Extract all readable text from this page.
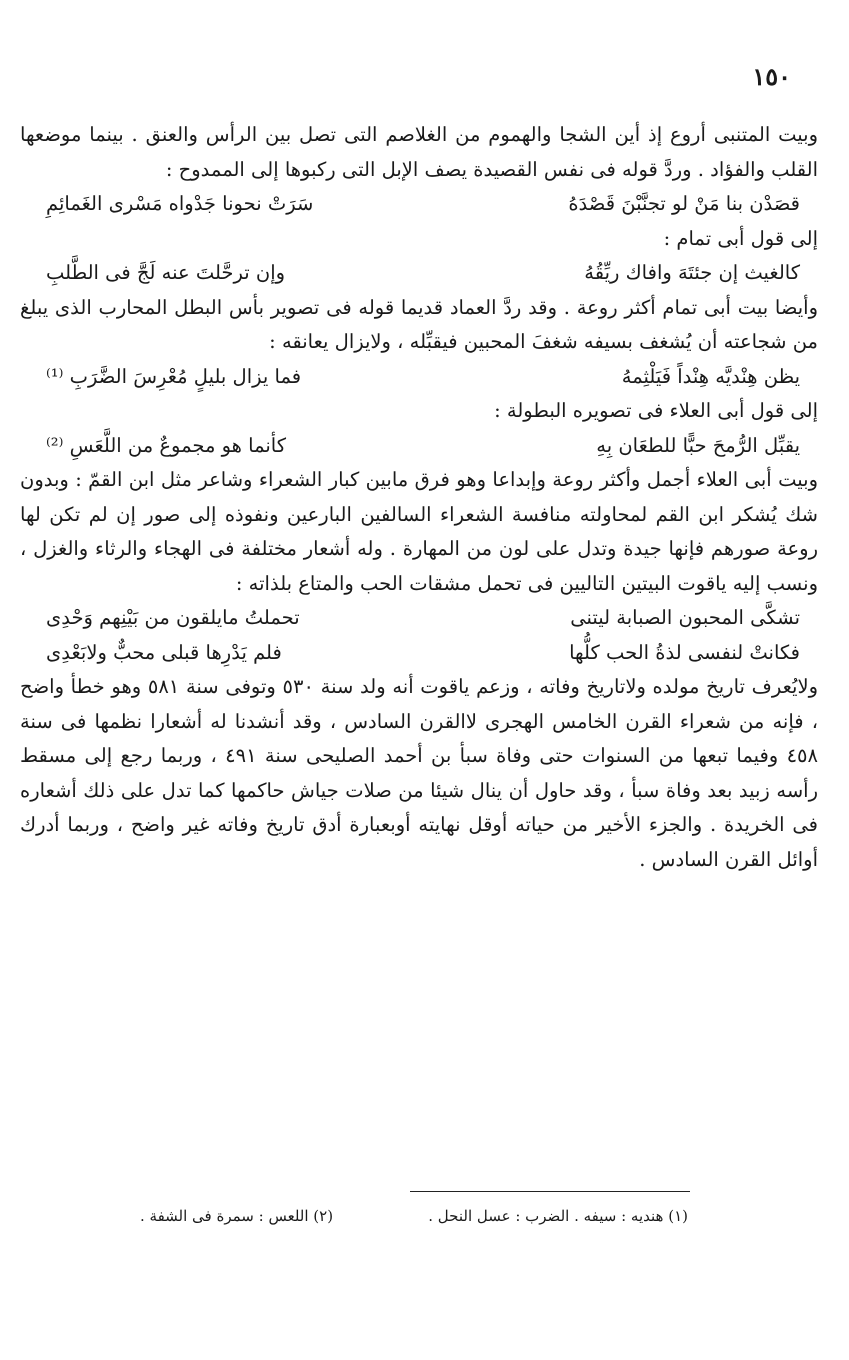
١٥٠

وبيت المتنبى أروع إذ أين الشجا والهموم من الغلاصم التى تصل بين الرأس والعنق . بينما موضعها القلب والفؤاد . وردَّ قوله فى نفس القصيدة يصف الإبل التى ركبوها إلى الممدوح :

قصَدْن بنا مَنْ لو تجنَّبْنَ قَصْدَهُ
سَرَتْ نحونا جَدْواه مَسْرى الغَمائِمِ

إلى قول أبى تمام :

كالغيث إن جئتَهَ وافاك ريِّقُهُ
وإن ترحَّلتَ عنه لَجَّ فى الطَّلبِ

وأيضا بيت أبى تمام أكثر روعة . وقد ردَّ العماد قديما قوله فى تصوير بأس البطل المحارب الذى يبلغ من شجاعته أن يُشغف بسيفه شغفَ المحبين فيقبِّله ، ولايزال يعانقه :

يظن هِنْديَّه هِنْداً فَيَلْثِمهُ
فما يزال بليلٍ مُعْرِسَ الضَّرَبِ ⁽¹⁾

إلى قول أبى العلاء فى تصويره البطولة :

يقبِّل الرُّمحَ حبًّا للطعَان بِهِ
كأنما هو مجموعٌ من اللَّعَسِ ⁽²⁾

وبيت أبى العلاء أجمل وأكثر روعة وإبداعا وهو فرق مابين كبار الشعراء وشاعر مثل ابن القمّ : وبدون شك يُشكر ابن القم لمحاولته منافسة الشعراء السالفين البارعين ونفوذه إلى صور إن لم تكن لها روعة صورهم فإنها جيدة وتدل على لون من المهارة . وله أشعار مختلفة فى الهجاء والرثاء والغزل ، ونسب إليه ياقوت البيتين التاليين فى تحمل مشقات الحب والمتاع بلذاته :

تشكَّى المحبون الصبابة ليتنى
تحملتُ مايلقون من بَيْنِهم وَحْدِى
فكانتْ لنفسى لذةُ الحب كلُّها
فلم يَدْرِها قبلى محبٌّ ولابَعْدِى

ولايُعرف تاريخ مولده ولاتاريخ وفاته ، وزعم ياقوت أنه ولد سنة ٥٣٠ وتوفى سنة ٥٨١ وهو خطأ واضح ، فإنه من شعراء القرن الخامس الهجرى لاالقرن السادس ، وقد أنشدنا له أشعارا نظمها فى سنة ٤٥٨ وفيما تبعها من السنوات حتى وفاة سبأ بن أحمد الصليحى سنة ٤٩١ ، وربما رجع إلى مسقط رأسه زبيد بعد وفاة سبأ ، وقد حاول أن ينال شيئا من صلات جياش حاكمها كما تدل على ذلك أشعاره فى الخريدة . والجزء الأخير من حياته أوقل نهايته أوبعبارة أدق تاريخ وفاته غير واضح ، وربما أدرك أوائل القرن السادس .

(١) هنديه : سيفه . الضرب : عسل النحل .
(٢) اللعس : سمرة فى الشفة .
